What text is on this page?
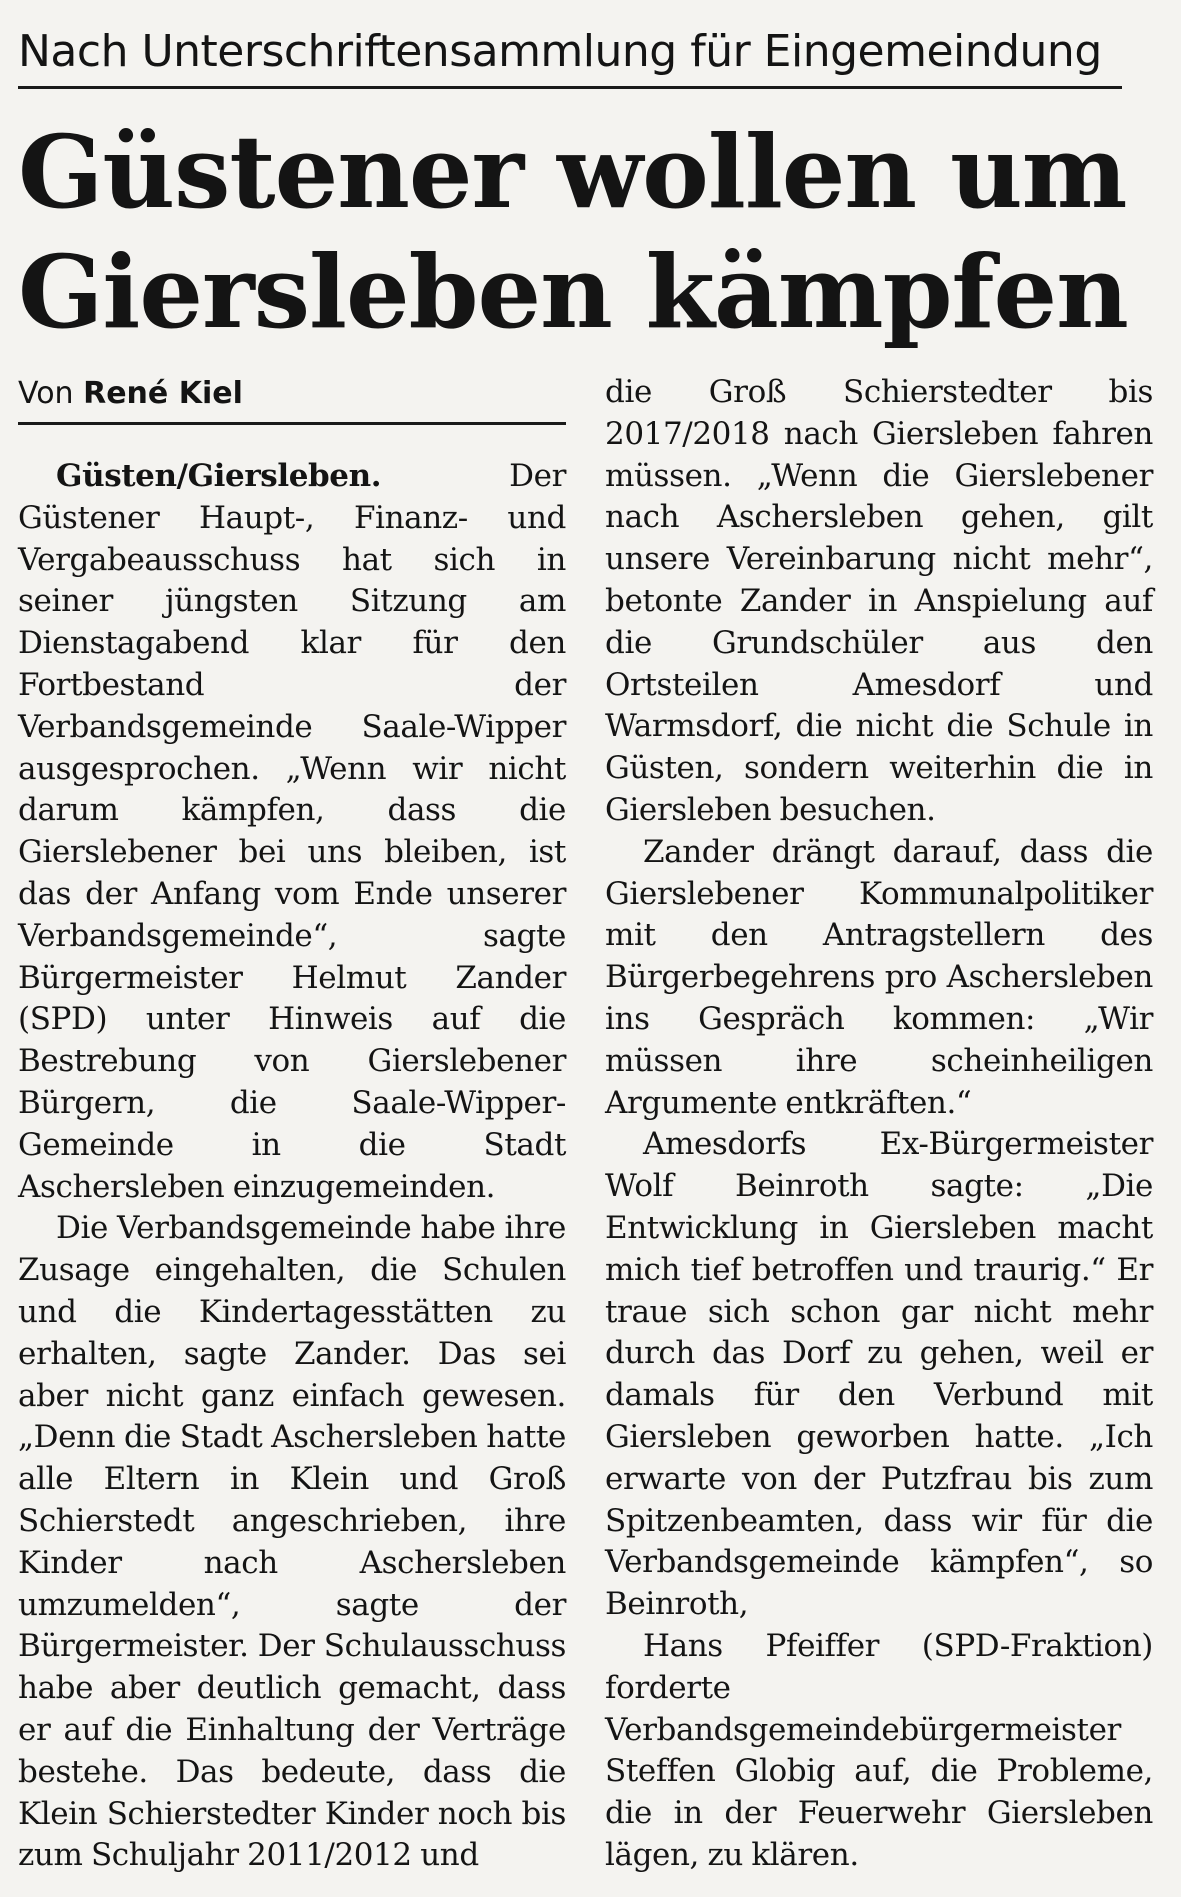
Nach Unterschriftensammlung für Eingemeindung
Güstener wollen um
Giersleben kämpfen
Von René Kiel

Güsten/Giersleben.	Der Güstener Haupt-, Finanz- und Vergabeausschuss hat sich in seiner jüngsten Sitzung am Dienstagabend klar für den Fortbestand der Verbandsgemeinde Saale-Wipper ausgesprochen. „Wenn wir nicht darum kämpfen, dass die Gierslebener bei uns bleiben, ist das der Anfang vom Ende unserer Verbandsgemeinde“, sagte Bürgermeister Helmut Zander (SPD) unter Hinweis auf die Bestrebung von Gierslebener Bürgern, die Saale-Wipper-Gemeinde in die Stadt Aschersleben einzugemeinden.

Die Verbandsgemeinde habe ihre Zusage eingehalten, die Schulen und die Kindertagesstätten zu erhalten, sagte Zander. Das sei aber nicht ganz einfach gewesen. „Denn die Stadt Aschersleben hatte alle Eltern in Klein und Groß Schierstedt angeschrieben, ihre Kinder nach Aschersleben umzumelden“, sagte der Bürgermeister. Der Schulausschuss habe aber deutlich gemacht, dass er auf die Einhaltung der Verträge bestehe. Das bedeute, dass die Klein Schierstedter Kinder noch bis zum Schuljahr 2011/2012 und

die Groß Schierstedter bis 2017/2018 nach Giersleben fahren müssen. „Wenn die Gierslebener nach Aschersleben gehen, gilt unsere Vereinbarung nicht mehr“, betonte Zander in Anspielung auf die Grundschüler aus den Ortsteilen Amesdorf und Warmsdorf, die nicht die Schule in Güsten, sondern weiterhin die in Giersleben besuchen.

Zander drängt darauf, dass die Gierslebener Kommunalpolitiker mit den Antragstellern des Bürgerbegehrens pro Aschersleben ins Gespräch kommen: „Wir müssen ihre scheinheiligen Argumente entkräften.“

Amesdorfs Ex-Bürgermeister Wolf Beinroth sagte: „Die Entwicklung in Giersleben macht mich tief betroffen und traurig.“ Er traue sich schon gar nicht mehr durch das Dorf zu gehen, weil er damals für den Verbund mit Giersleben geworben hatte. „Ich erwarte von der Putzfrau bis zum Spitzenbeamten, dass wir für die Verbandsgemeinde kämpfen“, so Beinroth,

Hans Pfeiffer (SPD-Fraktion) forderte Verbandsgemeindebürgermeister Steffen Globig auf, die Probleme, die in der Feuerwehr Giersleben lägen, zu klären.
